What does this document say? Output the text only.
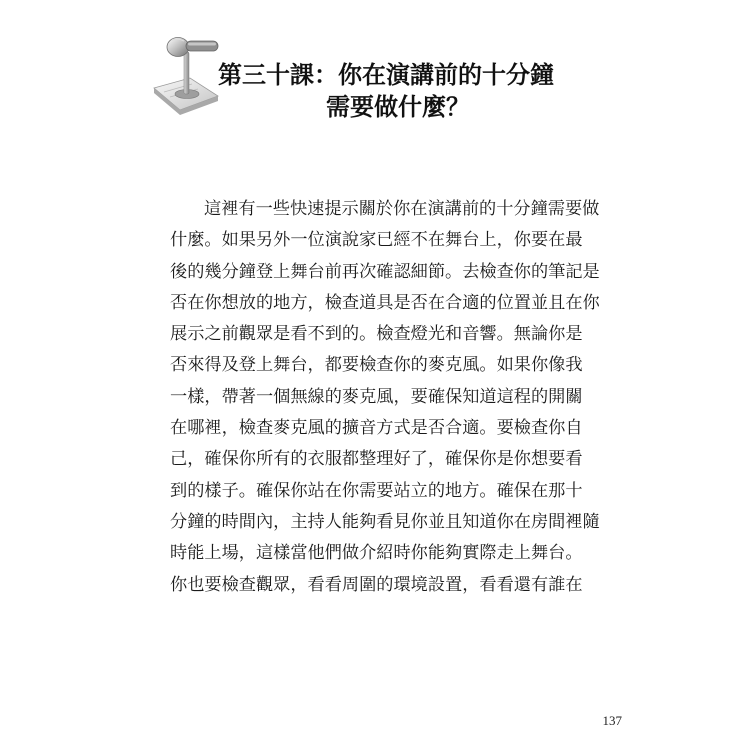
第三十課：你在演講前的十分鐘
需要做什麼？
這裡有一些快速提示關於你在演講前的十分鐘需要做
什麼。如果另外一位演說家已經不在舞台上，你要在最
後的幾分鐘登上舞台前再次確認細節。去檢查你的筆記是
否在你想放的地方，檢查道具是否在合適的位置並且在你
展示之前觀眾是看不到的。檢查燈光和音響。無論你是
否來得及登上舞台，都要檢查你的麥克風。如果你像我
一樣，帶著一個無線的麥克風，要確保知道這程的開關
在哪裡，檢查麥克風的擴音方式是否合適。要檢查你自
己，確保你所有的衣服都整理好了，確保你是你想要看
到的樣子。確保你站在你需要站立的地方。確保在那十
分鐘的時間內，主持人能夠看見你並且知道你在房間裡隨
時能上場，這樣當他們做介紹時你能夠實際走上舞台。
你也要檢查觀眾，看看周圍的環境設置，看看還有誰在
137
